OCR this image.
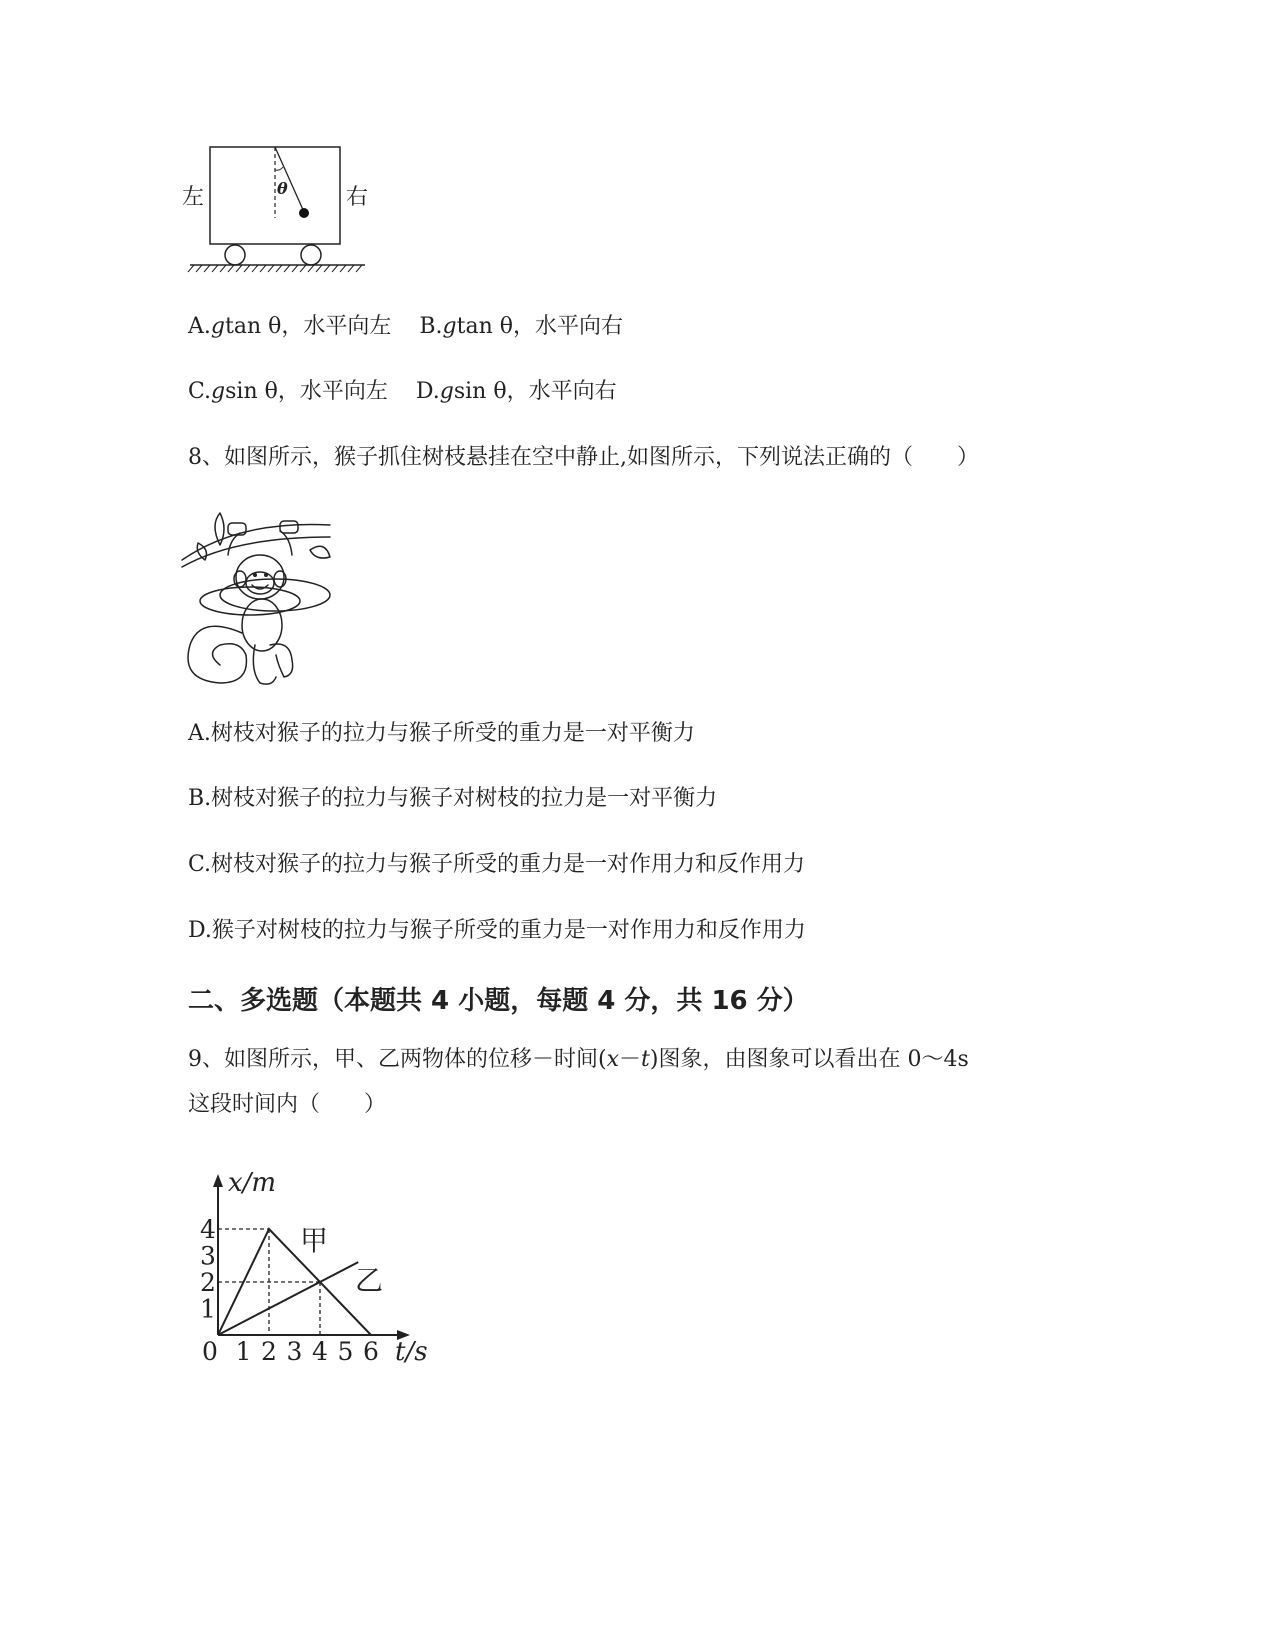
θ
左	右
A.gtan θ，水平向左 B.gtan θ，水平向右
C.gsin θ，水平向左 D.gsin θ，水平向右
8、如图所示，猴子抓住树枝悬挂在空中静止,如图所示，下列说法正确的（　　）
A.树枝对猴子的拉力与猴子所受的重力是一对平衡力
B.树枝对猴子的拉力与猴子对树枝的拉力是一对平衡力
C.树枝对猴子的拉力与猴子所受的重力是一对作用力和反作用力
D.猴子对树枝的拉力与猴子所受的重力是一对作用力和反作用力
二、多选题（本题共 4 小题，每题 4 分，共 16 分）
9、如图所示，甲、乙两物体的位移－时间(x－t)图象，由图象可以看出在 0～4s
这段时间内（　　）
x/m
t/s
0 1 2 3 4 5 6
1
2
3
4	甲
乙
